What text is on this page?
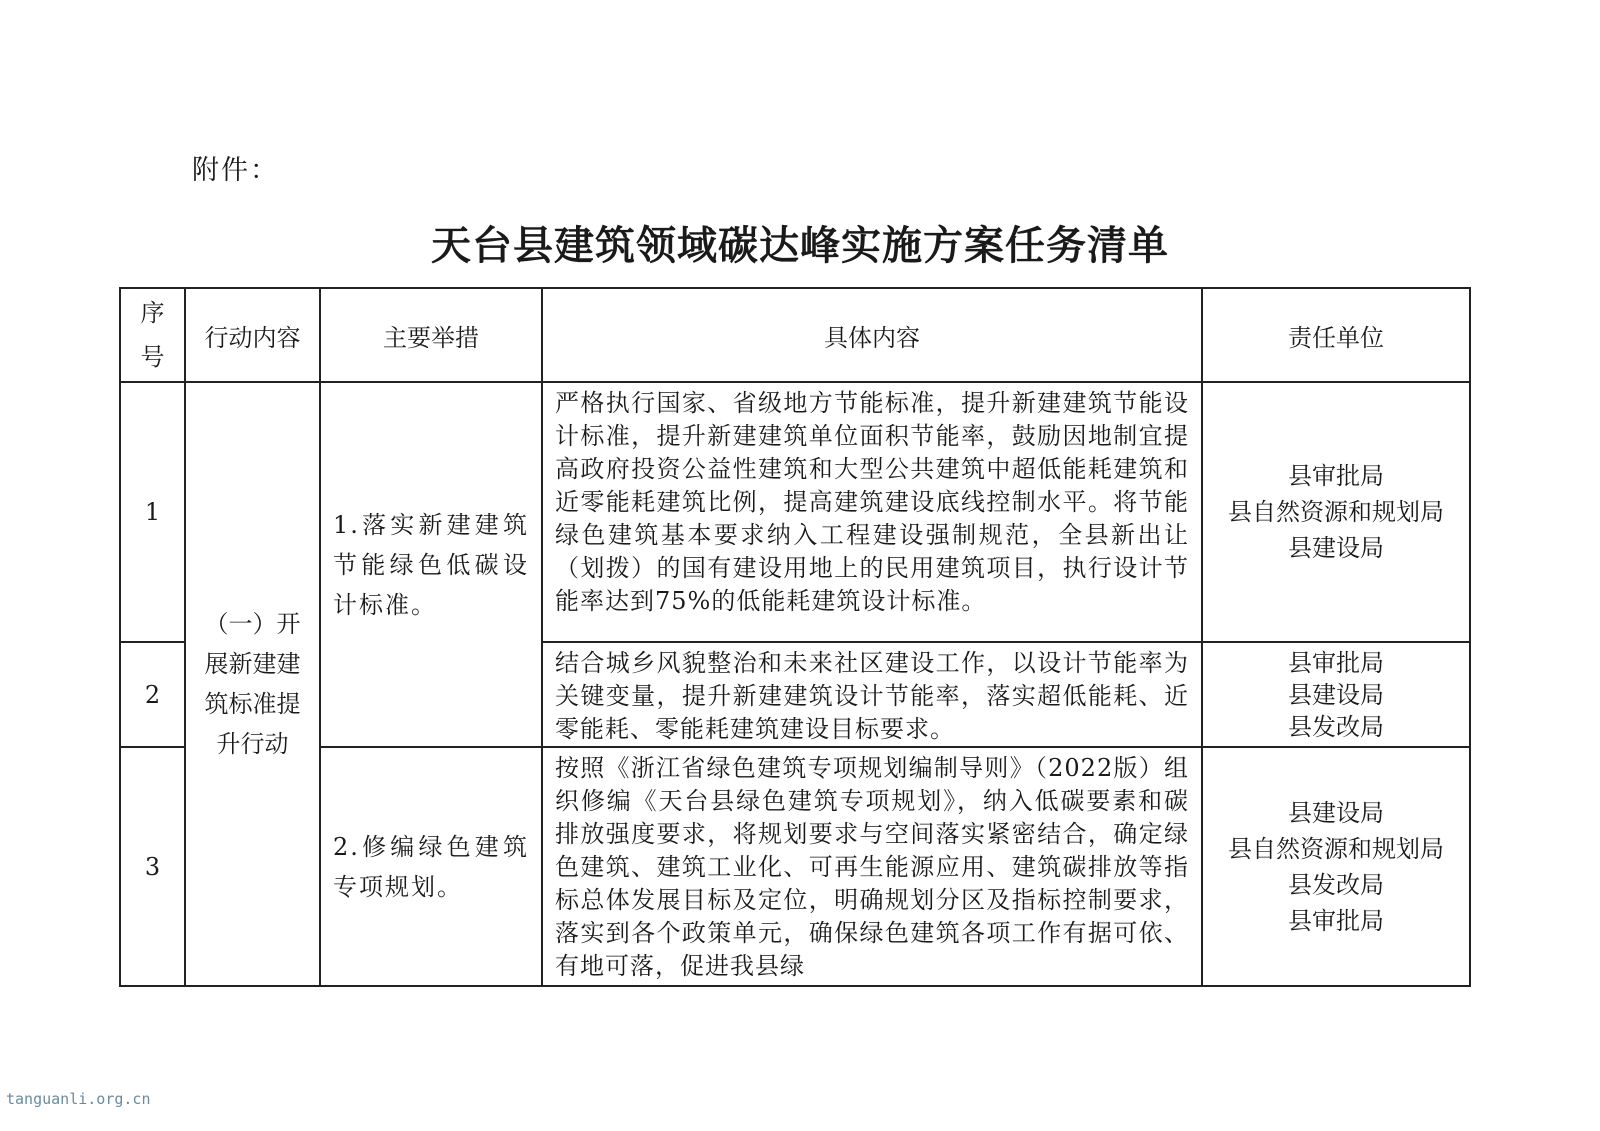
附件：
天台县建筑领域碳达峰实施方案任务清单
序号	行动内容	主要举措	具体内容	责任单位
1	（一）开展新建建筑标准提升行动	1.落实新建建筑节能绿色低碳设计标准。	严格执行国家、省级地方节能标准，提升新建建筑节能设计标准，提升新建建筑单位面积节能率，鼓励因地制宜提高政府投资公益性建筑和大型公共建筑中超低能耗建筑和近零能耗建筑比例，提高建筑建设底线控制水平。将节能绿色建筑基本要求纳入工程建设强制规范，全县新出让（划拨）的国有建设用地上的民用建筑项目，执行设计节能率达到75%的低能耗建筑设计标准。	县审批局
县自然资源和规划局
县建设局

2			结合城乡风貌整治和未来社区建设工作，以设计节能率为关键变量，提升新建建筑设计节能率，落实超低能耗、近零能耗、零能耗建筑建设目标要求。	县审批局
县建设局
县发改局

3		2.修编绿色建筑专项规划。	按照《浙江省绿色建筑专项规划编制导则》（2022版）组织修编《天台县绿色建筑专项规划》，纳入低碳要素和碳排放强度要求，将规划要求与空间落实紧密结合，确定绿色建筑、建筑工业化、可再生能源应用、建筑碳排放等指标总体发展目标及定位，明确规划分区及指标控制要求，落实到各个政策单元，确保绿色建筑各项工作有据可依、有地可落，促进我县绿	县建设局
县自然资源和规划局
县发改局
县审批局
tanguanli.org.cn
